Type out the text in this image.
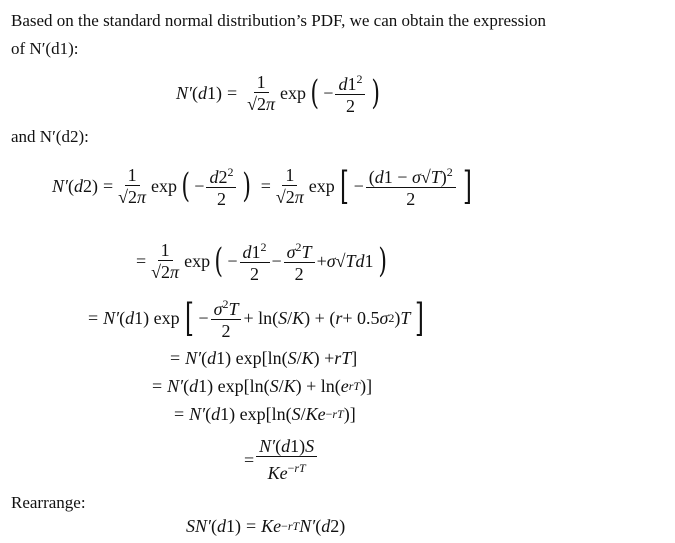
Based on the standard normal distribution’s PDF, we can obtain the expression
of N′(d1):
N′ ( d 1)
= $\frac{1}{√2\pi}$ exp ( − $\frac{d1^2}{2}$ )
and N′(d2):
N′ ( d 2)
= $\frac{1}{√2\pi}$ exp ( − $\frac{d2^2}{2}$ ) = $\frac{1}{√2\pi}$ exp [ − $\frac{(d1 - \sigma√T)^2}{2}$ ]
= $\frac{1}{√2\pi}$ exp ( − $\frac{d1^2}{2} - \frac{\sigma^2T}{2} + \sigma$ √ T d 1 )
= N′ ( d 1) exp [ − $\frac{\sigma^2T}{2} + \ln$( S / K ) + ( r + 0.5 σ 2 ) T ]
= N′ ( d 1) exp[ln( S / K ) + rT ]
= N′ ( d 1) exp[ln( S / K ) + ln( e rT )]
= N′ ( d 1) exp[ln( S / Ke −rT )]
= $\frac{N'(d1)S}{Ke^{-rT}}$
Rearrange:
SN′ ( d 1)
= Ke −rT N′ ( d 2)
